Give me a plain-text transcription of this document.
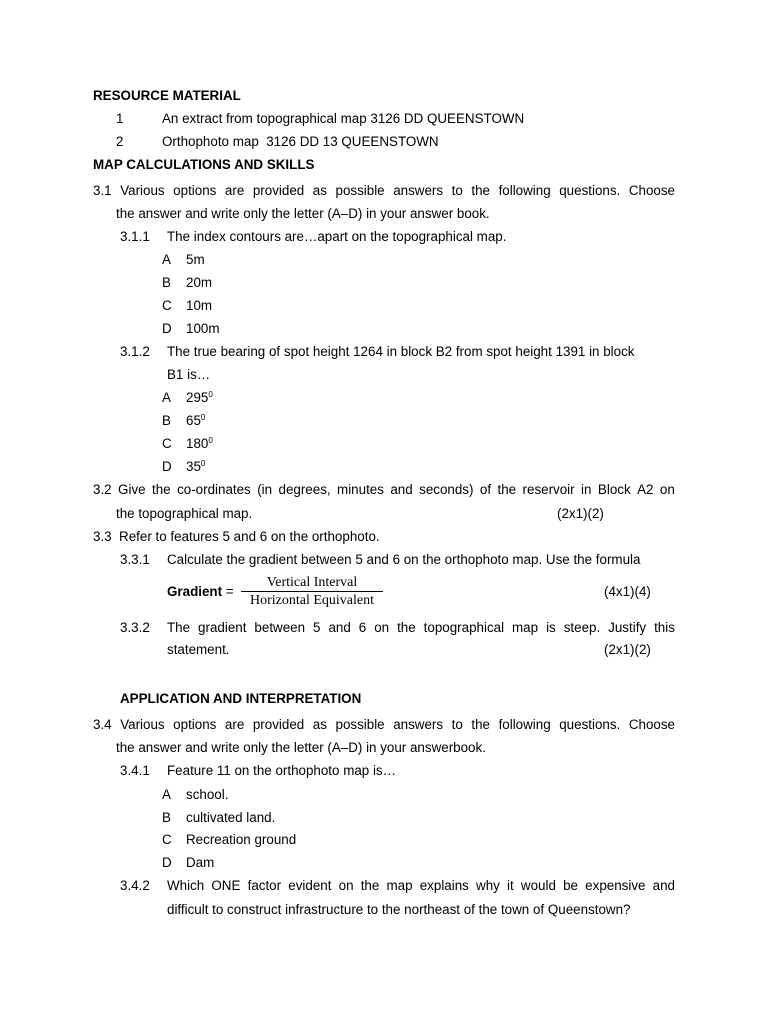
RESOURCE MATERIAL
1	An extract from topographical map 3126 DD QUEENSTOWN
2	Orthophoto map  3126 DD 13 QUEENSTOWN
MAP CALCULATIONS AND SKILLS
3.1 Various options are provided as possible answers to the following questions. Choose
the answer and write only the letter (A–D) in your answer book.
3.1.1 The index contours are…apart on the topographical map.
A 5m
B 20m
C 10m
D 100m
3.1.2 The true bearing of spot height 1264 in block B2 from spot height 1391 in block
B1 is…
A $295^0$
B $65^0$
C $180^0$
D $35^0$
3.2 Give the co-ordinates (in degrees, minutes and seconds) of the reservoir in Block A2 on
the topographical map.	(2x1)(2)
3.3  Refer to features 5 and 6 on the orthophoto.
3.3.1 Calculate the gradient between 5 and 6 on the orthophoto map. Use the formula
Gradient =
Vertical Interval
Horizontal Equivalent
(4x1)(4)
3.3.2 The gradient between 5 and 6 on the topographical map is steep. Justify this
statement.	(2x1)(2)
APPLICATION AND INTERPRETATION
3.4 Various options are provided as possible answers to the following questions. Choose
the answer and write only the letter (A–D) in your answerbook.
3.4.1 Feature 11 on the orthophoto map is…
A school.
B cultivated land.
C Recreation ground
D Dam
3.4.2 Which ONE factor evident on the map explains why it would be expensive and
difficult to construct infrastructure to the northeast of the town of Queenstown?
